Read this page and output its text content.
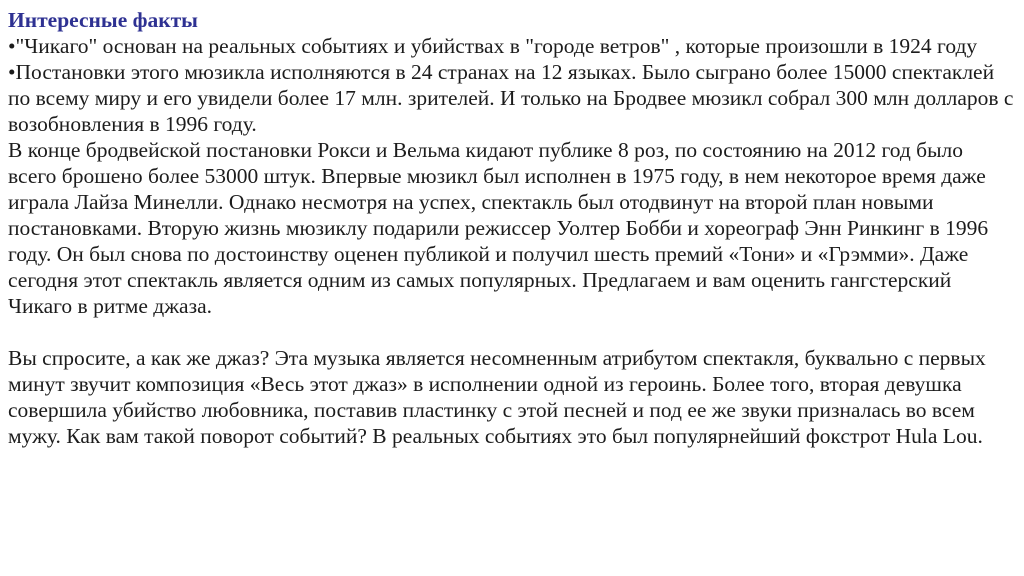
Интересные факты

•"Чикаго" основан на реальных событиях и убийствах в "городе ветров" , которые произошли в 1924 году

•Постановки этого мюзикла исполняются в 24 странах на 12 языках. Было сыграно более 15000 спектаклей по всему миру и его увидели более 17 млн. зрителей. И только на Бродвее мюзикл собрал 300 млн долларов с возобновления в 1996 году.

В конце бродвейской постановки Рокси и Вельма кидают публике 8 роз, по состоянию на 2012 год было всего брошено более 53000 штук. Впервые мюзикл был исполнен в 1975 году, в нем некоторое время даже играла Лайза Минелли. Однако несмотря на успех, спектакль был отодвинут на второй план новыми постановками. Вторую жизнь мюзиклу подарили режиссер Уолтер Бобби и хореограф Энн Ринкинг в 1996 году. Он был снова по достоинству оценен публикой и получил шесть премий «Тони» и «Грэмми». Даже сегодня этот спектакль является одним из самых популярных. Предлагаем и вам оценить гангстерский Чикаго в ритме джаза.

Вы спросите, а как же джаз? Эта музыка является несомненным атрибутом спектакля, буквально с первых минут звучит композиция «Весь этот джаз» в исполнении одной из героинь. Более того, вторая девушка совершила убийство любовника, поставив пластинку с этой песней и под ее же звуки призналась во всем мужу. Как вам такой поворот событий? В реальных событиях это был популярнейший фокстрот Hula Lou.
